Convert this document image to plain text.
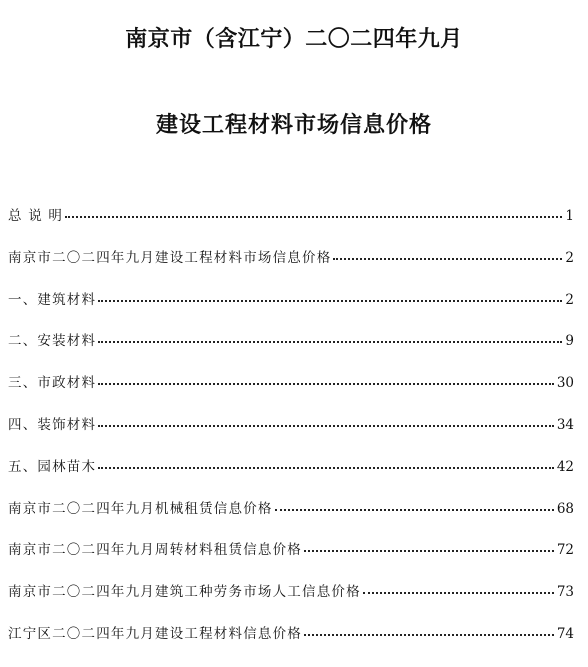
南京市（含江宁）二〇二四年九月
建设工程材料市场信息价格
总 说 明	1
南京市二〇二四年九月建设工程材料市场信息价格	2
一、建筑材料	2
二、安装材料	9
三、市政材料	30
四、装饰材料	34
五、园林苗木	42
南京市二〇二四年九月机械租赁信息价格	68
南京市二〇二四年九月周转材料租赁信息价格	72
南京市二〇二四年九月建筑工种劳务市场人工信息价格	73
江宁区二〇二四年九月建设工程材料信息价格	74
